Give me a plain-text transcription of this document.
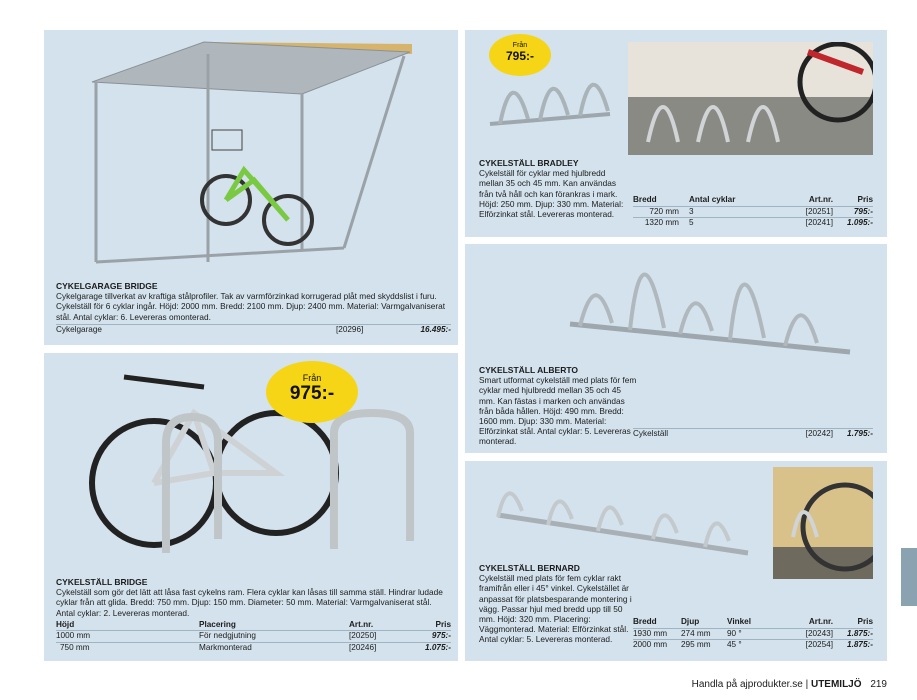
CYKELGARAGE BRIDGE
Cykelgarage tillverkat av kraftiga stålprofiler. Tak av varmförzinkad korrugerad plåt med skyddslist i furu. Cykelställ för 6 cyklar ingår. Höjd: 2000 mm. Bredd: 2100 mm. Djup: 2400 mm. Material: Varmgalvaniserat stål. Antal cyklar: 6. Levereras omonterad.
Cykelgarage	[20296]	16.495:-
Från
795:-
CYKELSTÄLL BRADLEY
Cykelställ för cyklar med hjulbredd mellan 35 och 45 mm. Kan användas från två håll och kan förankras i mark. Höjd: 250 mm. Djup: 330 mm. Material: Elförzinkat stål. Levereras monterad.
Bredd	Antal cyklar	Art.nr.	Pris
720 mm	3	[20251]	795:-
1320 mm	5	[20241]	1.095:-
CYKELSTÄLL ALBERTO
Smart utformat cykelställ med plats för fem cyklar med hjulbredd mellan 35 och 45 mm. Kan fästas i marken och användas från båda hållen. Höjd: 490 mm. Bredd: 1600 mm. Djup: 330 mm. Material: Elförzinkat stål. Antal cyklar: 5. Levereras monterad.
Cykelställ	[20242]	1.795:-
Från
975:-
CYKELSTÄLL BRIDGE
Cykelställ som gör det lätt att låsa fast cykelns ram. Flera cyklar kan låsas till samma ställ. Hindrar ludade cyklar från att glida. Bredd: 750 mm. Djup: 150 mm. Diameter: 50 mm. Material: Varmgalvaniserat stål. Antal cyklar: 2. Levereras monterad.
Höjd	Placering	Art.nr.	Pris
1000 mm	För nedgjutning	[20250]	975:-
750 mm	Markmonterad	[20246]	1.075:-
CYKELSTÄLL BERNARD
Cykelställ med plats för fem cyklar rakt framifrån eller i 45° vinkel. Cykelstället är anpassat för platsbesparande montering i vägg. Passar hjul med bredd upp till 50 mm. Höjd: 320 mm. Placering: Väggmonterad. Material: Elförzinkat stål. Antal cyklar: 5. Levereras monterad.
Bredd	Djup	Vinkel	Art.nr.	Pris
1930 mm	274 mm	90 °	[20243]	1.875:-
2000 mm	295 mm	45 °	[20254]	1.875:-
Handla på ajprodukter.se | UTEMILJÖ 219
